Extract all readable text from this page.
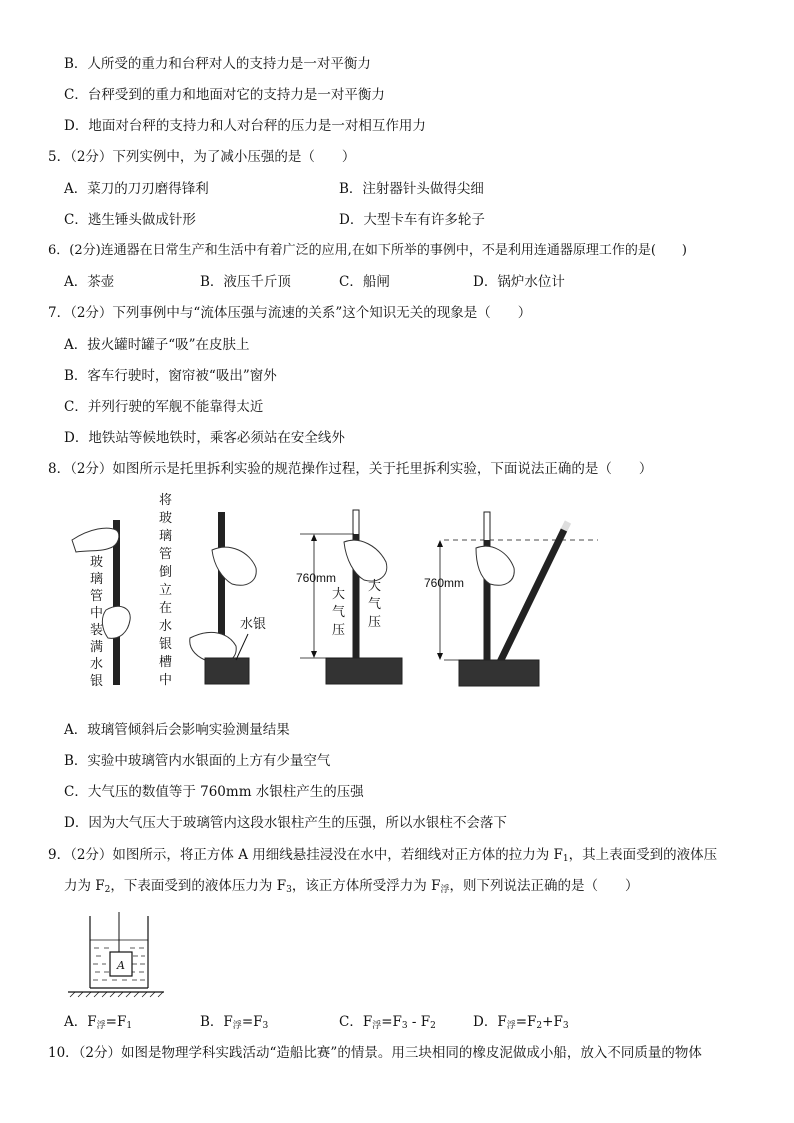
B．人所受的重力和台秤对人的支持力是一对平衡力
C．台秤受到的重力和地面对它的支持力是一对平衡力
D．地面对台秤的支持力和人对台秤的压力是一对相互作用力
5．（2分）下列实例中，为了减小压强的是（　　）
A．菜刀的刀刃磨得锋利	B．注射器针头做得尖细
C．逃生锤头做成针形	D．大型卡车有许多轮子
6．(2分)连通器在日常生产和生活中有着广泛的应用,在如下所举的事例中，不是利用连通器原理工作的是(　　)
A．茶壶	B．液压千斤顶	C．船闸	D．锅炉水位计
7．（2分）下列事例中与“流体压强与流速的关系”这个知识无关的现象是（　　）
A．拔火罐时罐子“吸”在皮肤上
B．客车行驶时，窗帘被“吸出”窗外
C．并列行驶的军舰不能靠得太近
D．地铁站等候地铁时，乘客必须站在安全线外
8．（2分）如图所示是托里拆利实验的规范操作过程，关于托里拆利实验，下面说法正确的是（　　）
玻
璃
管
中
装
满
水
银
将
玻
璃
管
倒
立
在
水
银
槽
中
水银
760mm
大
气
压
大
气
压
760mm
A．玻璃管倾斜后会影响实验测量结果
B．实验中玻璃管内水银面的上方有少量空气
C．大气压的数值等于 760mm 水银柱产生的压强
D．因为大气压大于玻璃管内这段水银柱产生的压强，所以水银柱不会落下
9．（2分）如图所示，将正方体 A 用细线悬挂浸没在水中，若细线对正方体的拉力为 $F_1$，其上表面受到的液体压
力为 $F_2$，下表面受到的液体压力为 $F_3$，该正方体所受浮力为 $F_浮$，则下列说法正确的是（　　）
A
A．$F_浮=F_1$	B．$F_浮=F_3$	C．$F_浮=F_3 - F_2$	D．$F_浮=F_2+F_3$
10．（2分）如图是物理学科实践活动“造船比赛”的情景。用三块相同的橡皮泥做成小船，放入不同质量的物体
